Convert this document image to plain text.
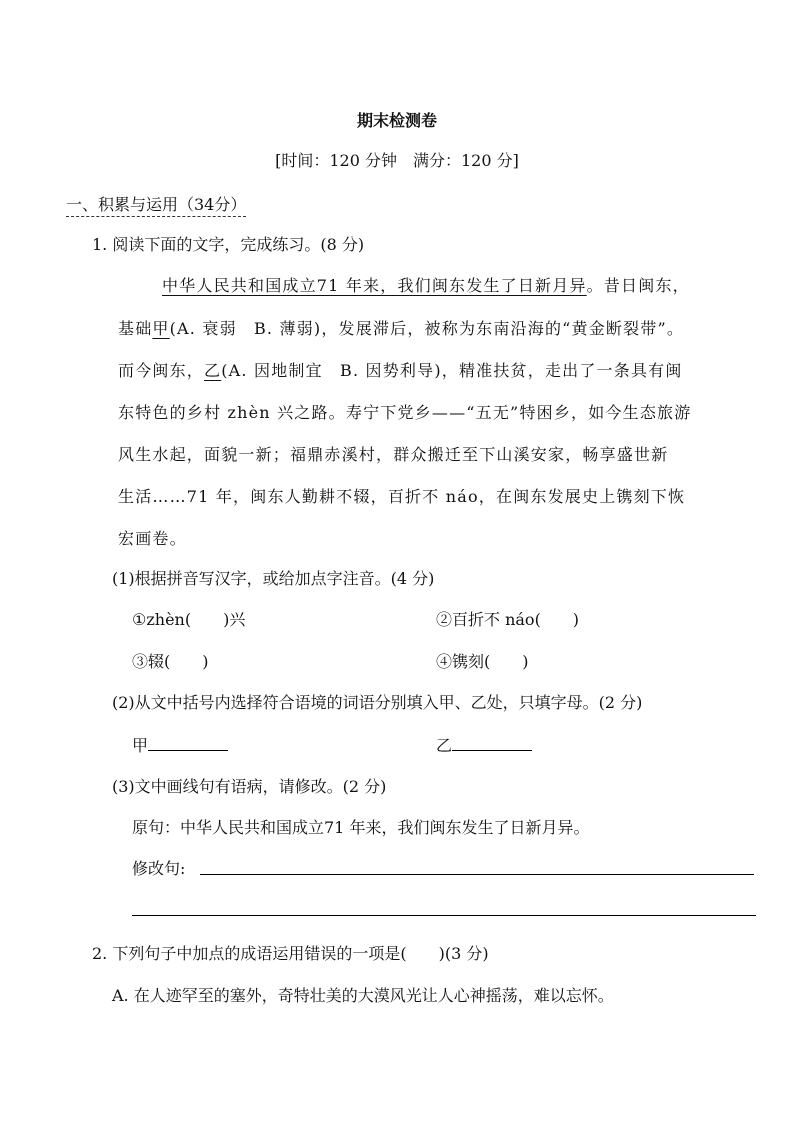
期末检测卷
[时间：120 分钟　满分：120 分]
一、积累与运用（34分）
1. 阅读下面的文字，完成练习。(8 分)
中华人民共和国成立71 年来，我们闽东发生了日新月异。昔日闽东，
基础甲(A. 衰弱　B. 薄弱)，发展滞后，被称为东南沿海的“黄金断裂带”。
而今闽东，乙(A. 因地制宜　B. 因势利导)，精准扶贫，走出了一条具有闽
东特色的乡村 zhèn 兴之路。寿宁下党乡——“五无”特困乡，如今生态旅游
风生水起，面貌一新；福鼎赤溪村，群众搬迁至下山溪安家，畅享盛世新
生活……71 年，闽东人勤耕不辍，百折不 náo，在闽东发展史上镌刻下恢
宏画卷。
(1)根据拼音写汉字，或给加点字注音。(4 分)
①zhèn(　　)兴	②百折不 náo(　　)
③辍(　　)	④镌刻(　　)
(2)从文中括号内选择符合语境的词语分别填入甲、乙处，只填字母。(2 分)
甲	乙
(3)文中画线句有语病，请修改。(2 分)
原句：中华人民共和国成立71 年来，我们闽东发生了日新月异。
修改句:
2. 下列句子中加点的成语运用错误的一项是(　　)(3 分)
A. 在人迹罕至的塞外，奇特壮美的大漠风光让人心神摇荡，难以忘怀。
